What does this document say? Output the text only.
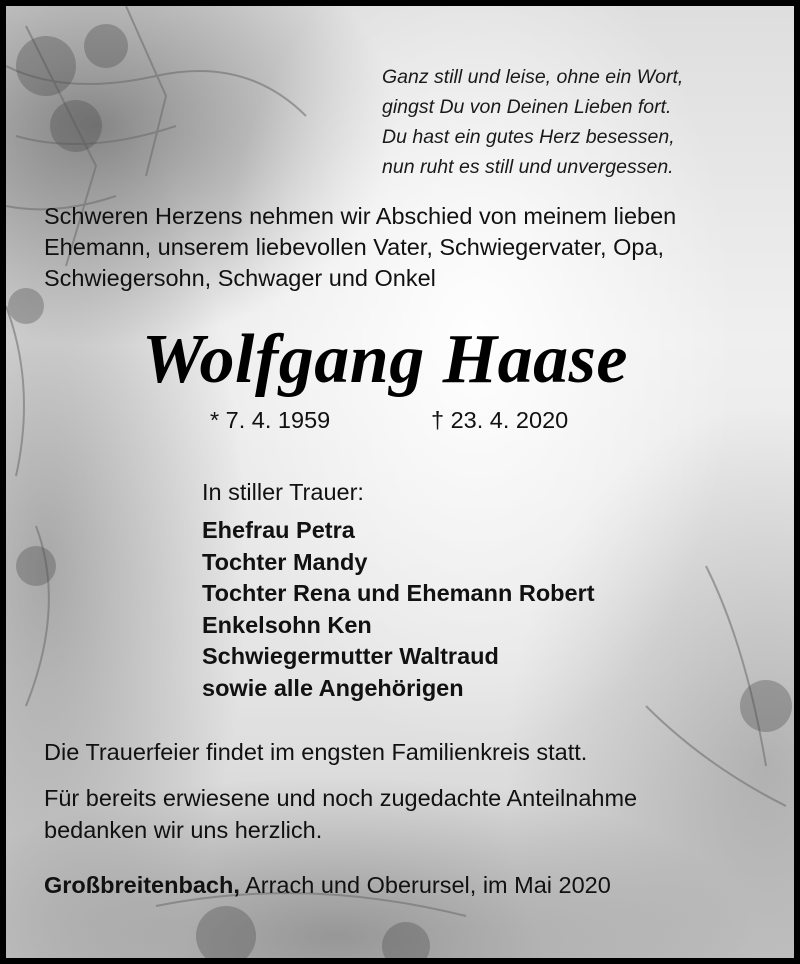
Ganz still und leise, ohne ein Wort,
gingst Du von Deinen Lieben fort.
Du hast ein gutes Herz besessen,
nun ruht es still und unvergessen.
Schweren Herzens nehmen wir Abschied von meinem lieben
Ehemann, unserem liebevollen Vater, Schwiegervater, Opa,
Schwiegersohn, Schwager und Onkel
Wolfgang Haase
* 7. 4. 1959	† 23. 4. 2020
In stiller Trauer:
Ehefrau Petra
Tochter Mandy
Tochter Rena und Ehemann Robert
Enkelsohn Ken
Schwiegermutter Waltraud
sowie alle Angehörigen
Die Trauerfeier findet im engsten Familienkreis statt.
Für bereits erwiesene und noch zugedachte Anteilnahme
bedanken wir uns herzlich.
Großbreitenbach, Arrach und Oberursel, im Mai 2020
